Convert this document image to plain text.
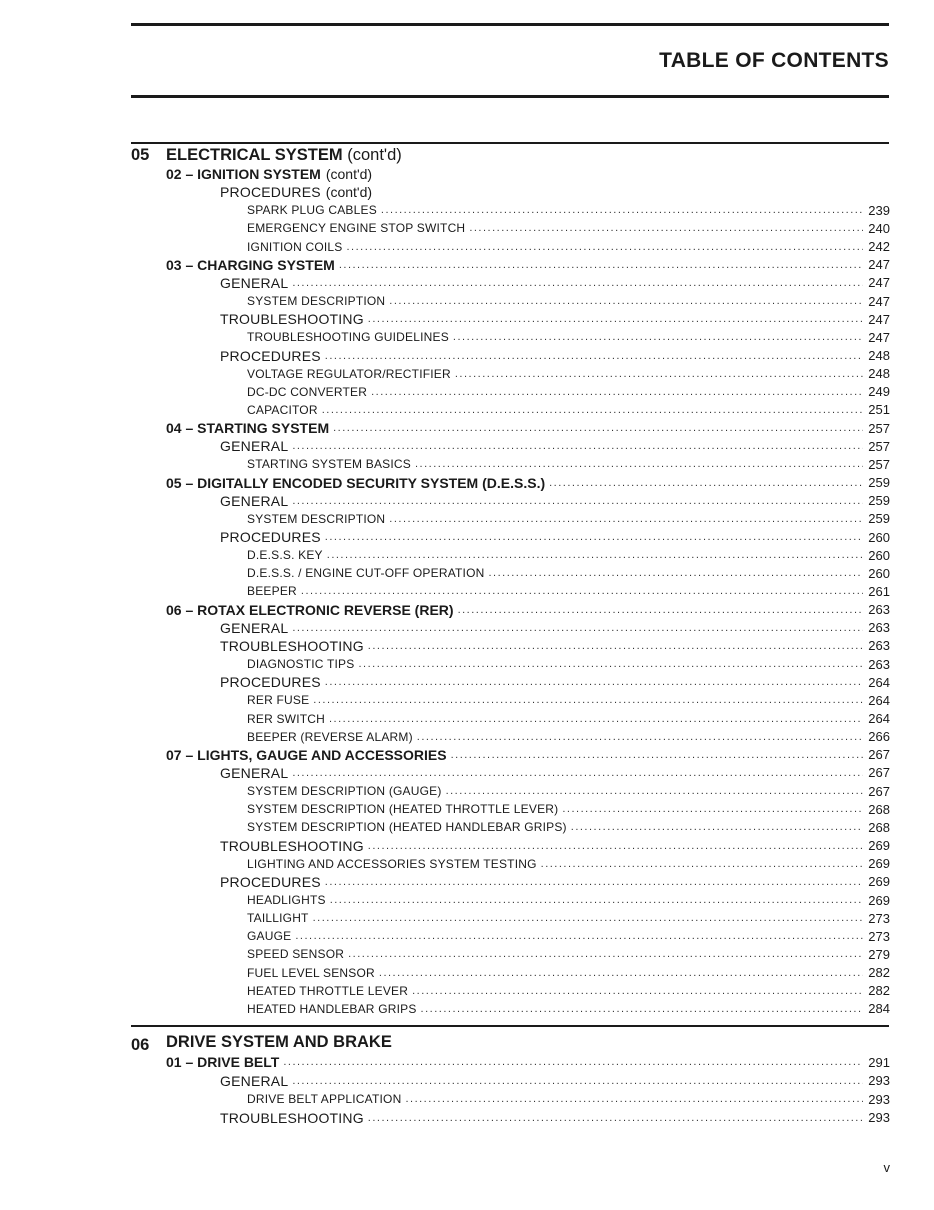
TABLE OF CONTENTS
05 ELECTRICAL SYSTEM (cont'd)
02 – IGNITION SYSTEM (cont'd)
PROCEDURES (cont'd)
SPARK PLUG CABLES .....	239
EMERGENCY ENGINE STOP SWITCH .....	240
IGNITION COILS .....	242
03 – CHARGING SYSTEM .....	247
GENERAL .....	247
SYSTEM DESCRIPTION .....	247
TROUBLESHOOTING .....	247
TROUBLESHOOTING GUIDELINES .....	247
PROCEDURES .....	248
VOLTAGE REGULATOR/RECTIFIER .....	248
DC-DC CONVERTER .....	249
CAPACITOR .....	251
04 – STARTING SYSTEM .....	257
GENERAL .....	257
STARTING SYSTEM BASICS .....	257
05 – DIGITALLY ENCODED SECURITY SYSTEM (D.E.S.S.) .....	259
GENERAL .....	259
SYSTEM DESCRIPTION .....	259
PROCEDURES .....	260
D.E.S.S. KEY .....	260
D.E.S.S. / ENGINE CUT-OFF OPERATION .....	260
BEEPER .....	261
06 – ROTAX ELECTRONIC REVERSE (RER) .....	263
GENERAL .....	263
TROUBLESHOOTING .....	263
DIAGNOSTIC TIPS .....	263
PROCEDURES .....	264
RER FUSE .....	264
RER SWITCH .....	264
BEEPER (REVERSE ALARM) .....	266
07 – LIGHTS, GAUGE AND ACCESSORIES .....	267
GENERAL .....	267
SYSTEM DESCRIPTION (GAUGE) .....	267
SYSTEM DESCRIPTION (HEATED THROTTLE LEVER) .....	268
SYSTEM DESCRIPTION (HEATED HANDLEBAR GRIPS) .....	268
TROUBLESHOOTING .....	269
LIGHTING AND ACCESSORIES SYSTEM TESTING .....	269
PROCEDURES .....	269
HEADLIGHTS .....	269
TAILLIGHT .....	273
GAUGE .....	273
SPEED SENSOR .....	279
FUEL LEVEL SENSOR .....	282
HEATED THROTTLE LEVER .....	282
HEATED HANDLEBAR GRIPS .....	284
06 DRIVE SYSTEM AND BRAKE
01 – DRIVE BELT .....	291
GENERAL .....	293
DRIVE BELT APPLICATION .....	293
TROUBLESHOOTING .....	293
v
